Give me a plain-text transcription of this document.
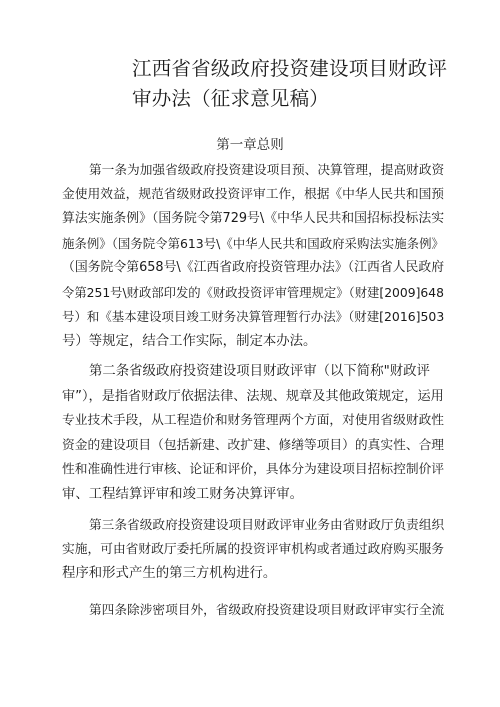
江西省省级政府投资建设项目财政评
审办法（征求意见稿）
第一章总则

第一条为加强省级政府投资建设项目预、决算管理，提高财政资
金使用效益，规范省级财政投资评审工作，根据《中华人民共和国预
算法实施条例》（国务院令第729号\《中华人民共和国招标投标法实
施条例》（国务院令第613号\《中华人民共和国政府采购法实施条例》
（国务院令第658号\《江西省政府投资管理办法》（江西省人民政府
令第251号\财政部印发的《财政投资评审管理规定》（财建[2009]648
号）和《基本建设项目竣工财务决算管理暂行办法》（财建[2016]503
号）等规定，结合工作实际，制定本办法。

第二条省级政府投资建设项目财政评审（以下简称"财政评
审”），是指省财政厅依据法律、法规、规章及其他政策规定，运用
专业技术手段，从工程造价和财务管理两个方面，对使用省级财政性
资金的建设项目（包括新建、改扩建、修缮等项目）的真实性、合理
性和准确性进行审核、论证和评价，具体分为建设项目招标控制价评
审、工程结算评审和竣工财务决算评审。

第三条省级政府投资建设项目财政评审业务由省财政厅负责组织
实施，可由省财政厅委托所属的投资评审机构或者通过政府购买服务
程序和形式产生的第三方机构进行。

第四条除涉密项目外，省级政府投资建设项目财政评审实行全流
